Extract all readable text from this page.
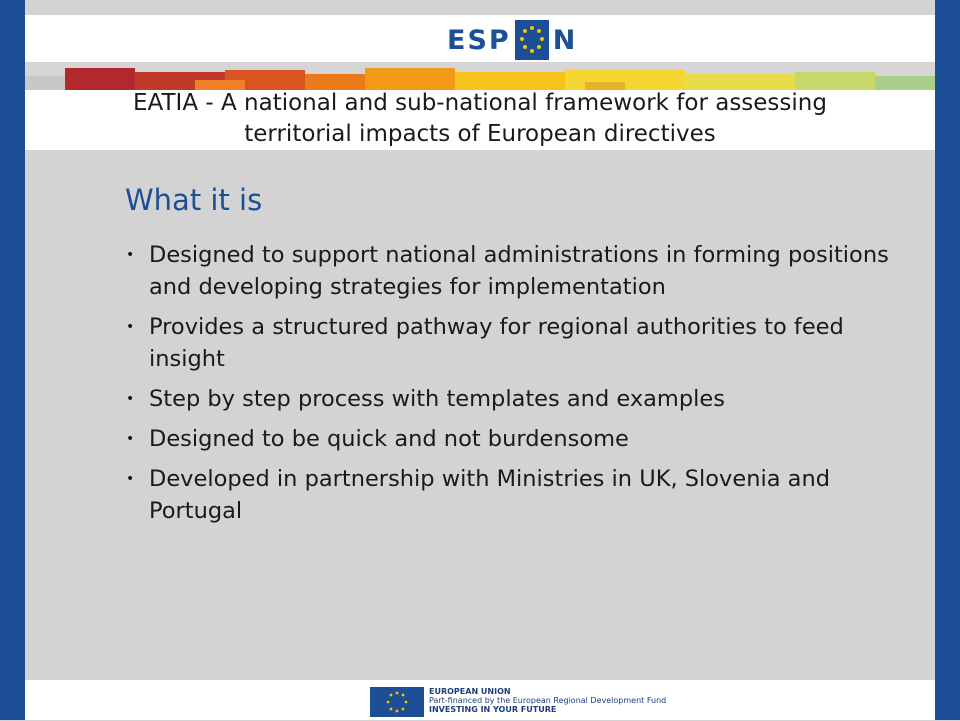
ESP N
EATIA - A national and sub-national framework for assessing
territorial impacts of European directives
What it is
• Designed to support national administrations in forming positions and developing strategies for implementation
• Provides a structured pathway for regional authorities to feed insight
• Step by step process with templates and examples
• Designed to be quick and not burdensome
• Developed in partnership with Ministries in UK, Slovenia and Portugal
EUROPEAN UNION
Part-financed by the European Regional Development Fund
INVESTING IN YOUR FUTURE
